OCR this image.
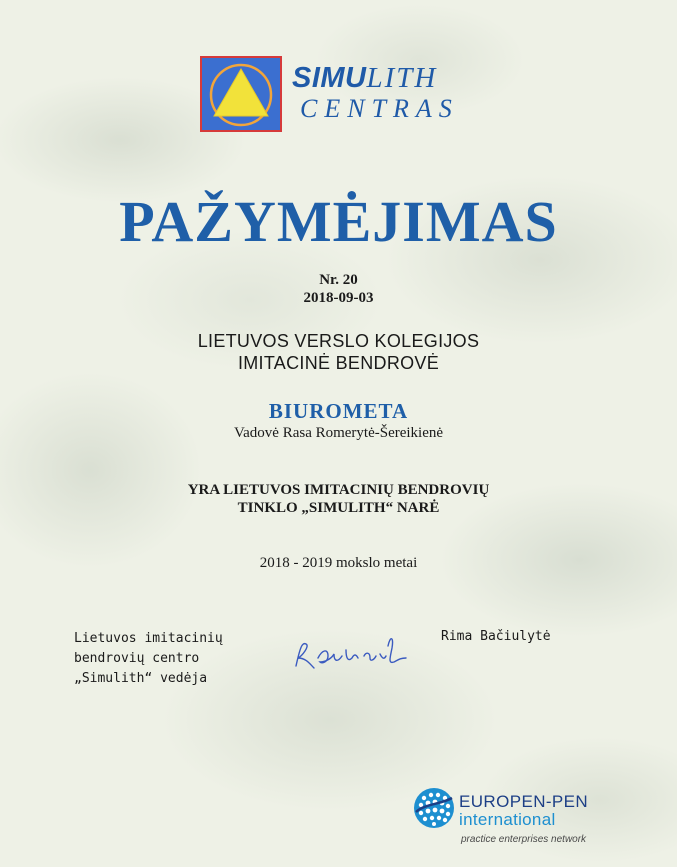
SIMULITH
CENTRAS
PAŽYMĖJIMAS
Nr. 20
2018-09-03
LIETUVOS VERSLO KOLEGIJOS
IMITACINĖ BENDROVĖ
BIUROMETA
Vadovė Rasa Romerytė-Šereikienė
YRA LIETUVOS IMITACINIŲ BENDROVIŲ
TINKLO „SIMULITH“ NARĖ
2018 - 2019 mokslo metai
Lietuvos imitacinių
bendrovių centro
„Simulith“ vedėja
Rima Bačiulytė
EUROPEN-PEN
international
practice enterprises network
